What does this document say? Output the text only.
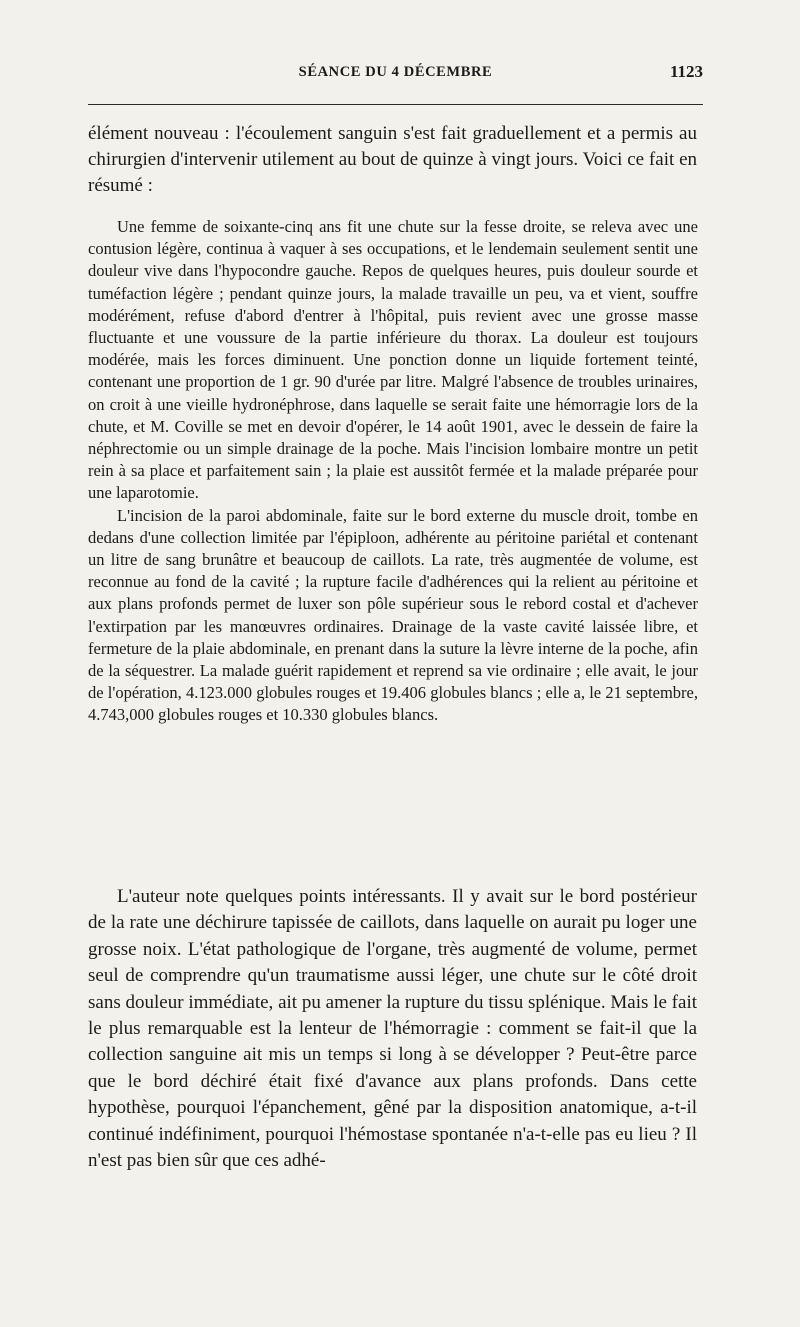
SÉANCE DU 4 DÉCEMBRE	1123

élément nouveau : l'écoulement sanguin s'est fait graduellement et a permis au chirurgien d'intervenir utilement au bout de quinze à vingt jours. Voici ce fait en résumé :

Une femme de soixante-cinq ans fit une chute sur la fesse droite, se releva avec une contusion légère, continua à vaquer à ses occupations, et le lendemain seulement sentit une douleur vive dans l'hypocondre gauche. Repos de quelques heures, puis douleur sourde et tuméfaction légère ; pendant quinze jours, la malade travaille un peu, va et vient, souffre modérément, refuse d'abord d'entrer à l'hôpital, puis revient avec une grosse masse fluctuante et une voussure de la partie inférieure du thorax. La douleur est toujours modérée, mais les forces diminuent. Une ponction donne un liquide fortement teinté, contenant une proportion de 1 gr. 90 d'urée par litre. Malgré l'absence de troubles urinaires, on croit à une vieille hydronéphrose, dans laquelle se serait faite une hémorragie lors de la chute, et M. Coville se met en devoir d'opérer, le 14 août 1901, avec le dessein de faire la néphrectomie ou un simple drainage de la poche. Mais l'incision lombaire montre un petit rein à sa place et parfaitement sain ; la plaie est aussitôt fermée et la malade préparée pour une laparotomie.

L'incision de la paroi abdominale, faite sur le bord externe du muscle droit, tombe en dedans d'une collection limitée par l'épiploon, adhérente au péritoine pariétal et contenant un litre de sang brunâtre et beaucoup de caillots. La rate, très augmentée de volume, est reconnue au fond de la cavité ; la rupture facile d'adhérences qui la relient au péritoine et aux plans profonds permet de luxer son pôle supérieur sous le rebord costal et d'achever l'extirpation par les manœuvres ordinaires. Drainage de la vaste cavité laissée libre, et fermeture de la plaie abdominale, en prenant dans la suture la lèvre interne de la poche, afin de la séquestrer. La malade guérit rapidement et reprend sa vie ordinaire ; elle avait, le jour de l'opération, 4.123.000 globules rouges et 19.406 globules blancs ; elle a, le 21 septembre, 4.743,000 globules rouges et 10.330 globules blancs.

L'auteur note quelques points intéressants. Il y avait sur le bord postérieur de la rate une déchirure tapissée de caillots, dans laquelle on aurait pu loger une grosse noix. L'état pathologique de l'organe, très augmenté de volume, permet seul de comprendre qu'un traumatisme aussi léger, une chute sur le côté droit sans douleur immédiate, ait pu amener la rupture du tissu splénique. Mais le fait le plus remarquable est la lenteur de l'hémorragie : comment se fait-il que la collection sanguine ait mis un temps si long à se développer ? Peut-être parce que le bord déchiré était fixé d'avance aux plans profonds. Dans cette hypothèse, pourquoi l'épanchement, gêné par la disposition anatomique, a-t-il continué indéfiniment, pourquoi l'hémostase spontanée n'a-t-elle pas eu lieu ? Il n'est pas bien sûr que ces adhé-
